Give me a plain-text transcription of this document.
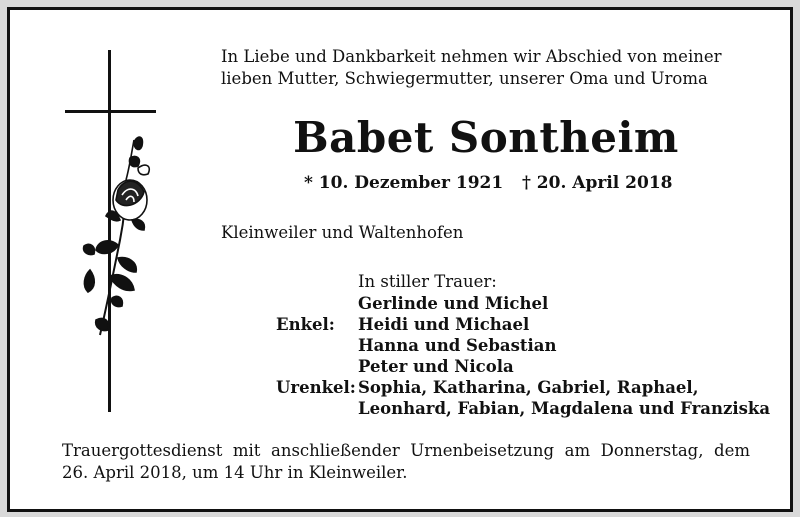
In Liebe und Dankbarkeit nehmen wir Abschied von meiner
lieben Mutter, Schwiegermutter, unserer Oma und Uroma
Babet Sontheim
* 10. Dezember 1921 † 20. April 2018
Kleinweiler und Waltenhofen
In stiller Trauer:
Gerlinde und Michel
Enkel: Heidi und Michael
Hanna und Sebastian
Peter und Nicola
Urenkel: Sophia, Katharina, Gabriel, Raphael,
Leonhard, Fabian, Magdalena und Franziska
Trauergottesdienst mit anschließender Urnenbeisetzung am Donnerstag, dem
26. April 2018, um 14 Uhr in Kleinweiler.
